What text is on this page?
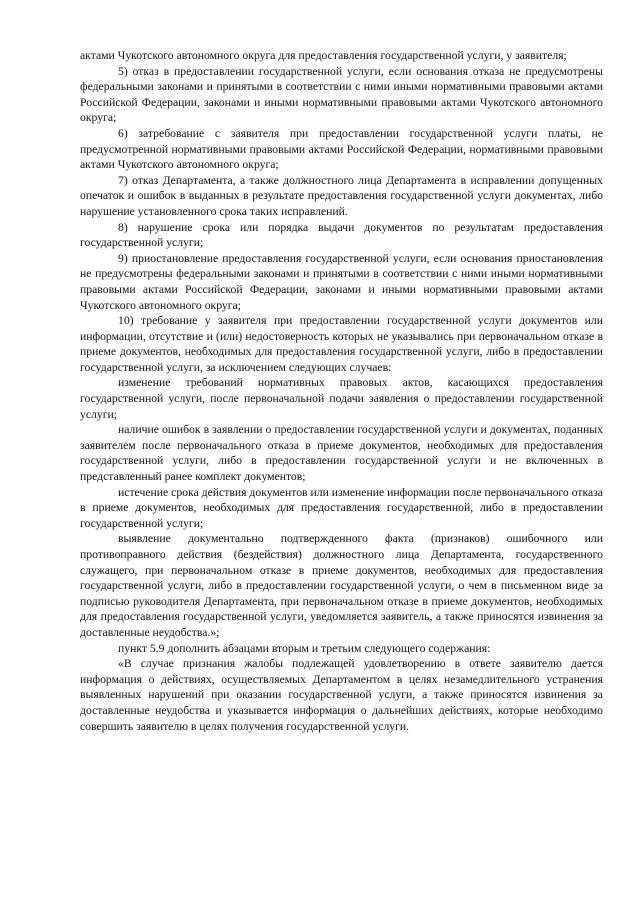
актами Чукотского автономного округа для предоставления государственной услуги, у заявителя;

5) отказ в предоставлении государственной услуги, если основания отказа не предусмотрены федеральными законами и принятыми в соответствии с ними иными нормативными правовыми актами Российской Федерации, законами и иными нормативными правовыми актами Чукотского автономного округа;

6) затребование с заявителя при предоставлении государственной услуги платы, не предусмотренной нормативными правовыми актами Российской Федерации, нормативными правовыми актами Чукотского автономного округа;

7) отказ Департамента, а также должностного лица Департамента в исправлении допущенных опечаток и ошибок в выданных в результате предоставления государственной услуги документах, либо нарушение установленного срока таких исправлений.

8) нарушение срока или порядка выдачи документов по результатам предоставления государственной услуги;

9) приостановление предоставления государственной услуги, если основания приостановления не предусмотрены федеральными законами и принятыми в соответствии с ними иными нормативными правовыми актами Российской Федерации, законами и иными нормативными правовыми актами Чукотского автономного округа;

10) требование у заявителя при предоставлении государственной услуги документов или информации, отсутствие и (или) недостоверность которых не указывались при первоначальном отказе в приеме документов, необходимых для предоставления государственной услуги, либо в предоставлении государственной услуги, за исключением следующих случаев:

изменение требований нормативных правовых актов, касающихся предоставления государственной услуги, после первоначальной подачи заявления о предоставлении государственной услуги;

наличие ошибок в заявлении о предоставлении государственной услуги и документах, поданных заявителем после первоначального отказа в приеме документов, необходимых для предоставления государственной услуги, либо в предоставлении государственной услуги и не включенных в представленный ранее комплект документов;

истечение срока действия документов или изменение информации после первоначального отказа в приеме документов, необходимых для предоставления государственной, либо в предоставлении государственной услуги;

выявление документально подтвержденного факта (признаков) ошибочного или противоправного действия (бездействия) должностного лица Департамента, государственного служащего, при первоначальном отказе в приеме документов, необходимых для предоставления государственной услуги, либо в предоставлении государственной услуги, о чем в письменном виде за подписью руководителя Департамента, при первоначальном отказе в приеме документов, необходимых для предоставления государственной услуги, уведомляется заявитель, а также приносятся извинения за доставленные неудобства.»;

пункт 5.9 дополнить абзацами вторым и третьим следующего содержания:

«В случае признания жалобы подлежащей удовлетворению в ответе заявителю дается информация о действиях, осуществляемых Департаментом в целях незамедлительного устранения выявленных нарушений при оказании государственной услуги, а также приносятся извинения за доставленные неудобства и указывается информация о дальнейших действиях, которые необходимо совершить заявителю в целях получения государственной услуги.
